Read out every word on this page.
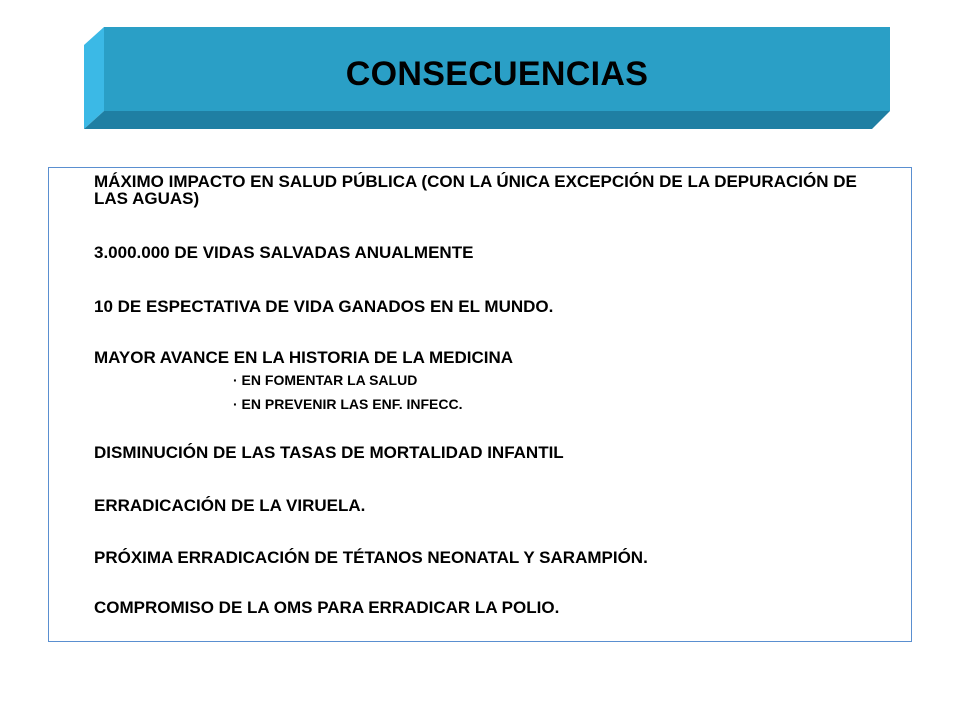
CONSECUENCIAS
MÁXIMO IMPACTO EN SALUD PÚBLICA (CON LA ÚNICA EXCEPCIÓN DE LA DEPURACIÓN DE LAS AGUAS)
3.000.000 DE VIDAS SALVADAS ANUALMENTE
10 DE ESPECTATIVA DE VIDA GANADOS EN EL MUNDO.
MAYOR AVANCE EN LA HISTORIA DE LA MEDICINA
· EN FOMENTAR LA SALUD
· EN PREVENIR LAS ENF. INFECC.
DISMINUCIÓN DE LAS TASAS DE MORTALIDAD INFANTIL
ERRADICACIÓN DE LA VIRUELA.
PRÓXIMA ERRADICACIÓN DE TÉTANOS NEONATAL Y SARAMPIÓN.
COMPROMISO DE LA OMS PARA ERRADICAR LA POLIO.
